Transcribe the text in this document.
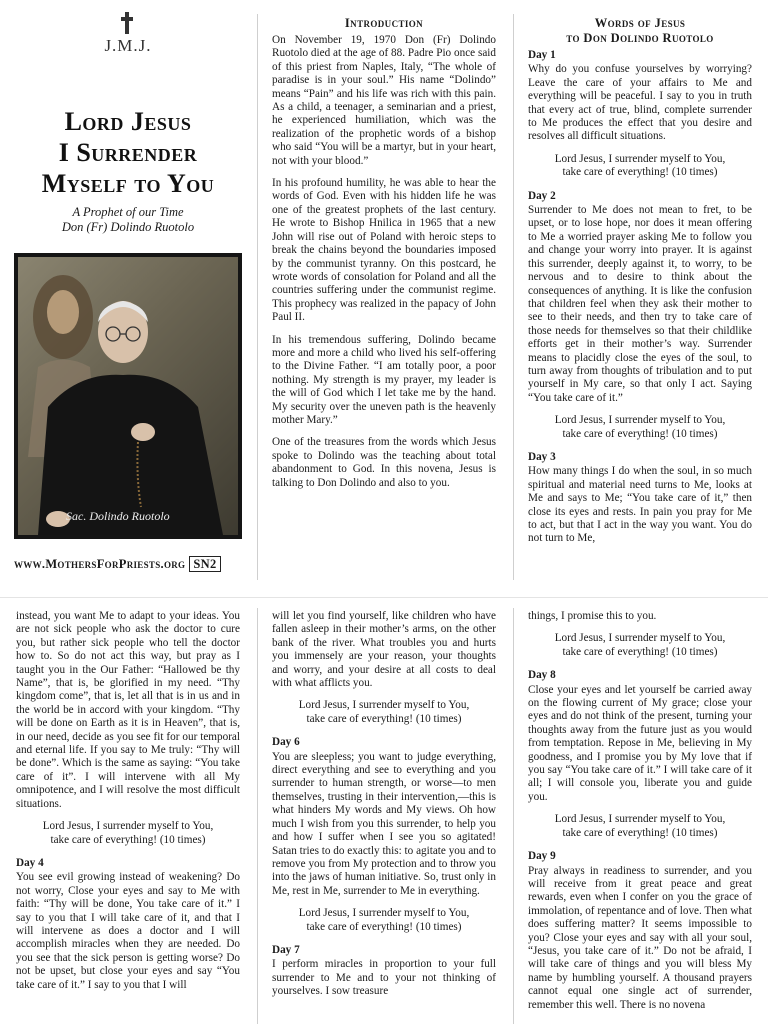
J.M.J.
Lord Jesus
I Surrender
Myself to You
A Prophet of our Time
Don (Fr) Dolindo Ruotolo
Sac. Dolindo Ruotolo
www.MothersForPriests.org SN2

Introduction

On November 19, 1970 Don (Fr) Dolindo Ruotolo died at the age of 88. Padre Pio once said of this priest from Naples, Italy, “The whole of paradise is in your soul.” His name “Dolindo” means “Pain” and his life was rich with this pain. As a child, a teenager, a seminarian and a priest, he experienced humiliation, which was the realization of the prophetic words of a bishop who said “You will be a martyr, but in your heart, not with your blood.”

In his profound humility, he was able to hear the words of God. Even with his hidden life he was one of the greatest prophets of the last century. He wrote to Bishop Hnilica in 1965 that a new John will rise out of Poland with heroic steps to break the chains beyond the boundaries imposed by the communist tyranny. On this postcard, he wrote words of consolation for Poland and all the countries suffering under the communist regime. This prophecy was realized in the papacy of John Paul II.

In his tremendous suffering, Dolindo became more and more a child who lived his self-offering to the Divine Father. “I am totally poor, a poor nothing. My strength is my prayer, my leader is the will of God which I let take me by the hand. My security over the uneven path is the heavenly mother Mary.”

One of the treasures from the words which Jesus spoke to Dolindo was the teaching about total abandonment to God. In this novena, Jesus is talking to Don Dolindo and also to you.

Words of Jesus

to Don Dolindo Ruotolo

Day 1

Why do you confuse yourselves by worrying? Leave the care of your affairs to Me and everything will be peaceful. I say to you in truth that every act of true, blind, complete surrender to Me produces the effect that you desire and resolves all difficult situations.

Lord Jesus, I surrender myself to You,
take care of everything! (10 times)

Day 2

Surrender to Me does not mean to fret, to be upset, or to lose hope, nor does it mean offering to Me a worried prayer asking Me to follow you and change your worry into prayer. It is against this surrender, deeply against it, to worry, to be nervous and to desire to think about the consequences of anything. It is like the confusion that children feel when they ask their mother to see to their needs, and then try to take care of those needs for themselves so that their childlike efforts get in their mother’s way. Surrender means to placidly close the eyes of the soul, to turn away from thoughts of tribulation and to put yourself in My care, so that only I act. Saying “You take care of it.”

Lord Jesus, I surrender myself to You,
take care of everything! (10 times)

Day 3

How many things I do when the soul, in so much spiritual and material need turns to Me, looks at Me and says to Me; “You take care of it,” then close its eyes and rests. In pain you pray for Me to act, but that I act in the way you want. You do not turn to Me,

instead, you want Me to adapt to your ideas. You are not sick people who ask the doctor to cure you, but rather sick people who tell the doctor how to. So do not act this way, but pray as I taught you in the Our Father: “Hallowed be thy Name”, that is, be glorified in my need. “Thy kingdom come”, that is, let all that is in us and in the world be in accord with your kingdom. “Thy will be done on Earth as it is in Heaven”, that is, in our need, decide as you see fit for our temporal and eternal life. If you say to Me truly: “Thy will be done”. Which is the same as saying: “You take care of it”. I will intervene with all My omnipotence, and I will resolve the most difficult situations.

Lord Jesus, I surrender myself to You,
take care of everything! (10 times)

Day 4

You see evil growing instead of weakening? Do not worry, Close your eyes and say to Me with faith: “Thy will be done, You take care of it.” I say to you that I will take care of it, and that I will intervene as does a doctor and I will accomplish miracles when they are needed. Do you see that the sick person is getting worse? Do not be upset, but close your eyes and say “You take care of it.” I say to you that I will

will let you find yourself, like children who have fallen asleep in their mother’s arms, on the other bank of the river. What troubles you and hurts you immensely are your reason, your thoughts and worry, and your desire at all costs to deal with what afflicts you.

Lord Jesus, I surrender myself to You,
take care of everything! (10 times)

Day 6

You are sleepless; you want to judge everything, direct everything and see to everything and you surrender to human strength, or worse—to men themselves, trusting in their intervention,—this is what hinders My words and My views. Oh how much I wish from you this surrender, to help you and how I suffer when I see you so agitated! Satan tries to do exactly this: to agitate you and to remove you from My protection and to throw you into the jaws of human initiative. So, trust only in Me, rest in Me, surrender to Me in everything.

Lord Jesus, I surrender myself to You,
take care of everything! (10 times)

Day 7

I perform miracles in proportion to your full surrender to Me and to your not thinking of yourselves. I sow treasure

things, I promise this to you.

Lord Jesus, I surrender myself to You,
take care of everything! (10 times)

Day 8

Close your eyes and let yourself be carried away on the flowing current of My grace; close your eyes and do not think of the present, turning your thoughts away from the future just as you would from temptation. Repose in Me, believing in My goodness, and I promise you by My love that if you say “You take care of it.” I will take care of it all; I will console you, liberate you and guide you.

Lord Jesus, I surrender myself to You,
take care of everything! (10 times)

Day 9

Pray always in readiness to surrender, and you will receive from it great peace and great rewards, even when I confer on you the grace of immolation, of repentance and of love. Then what does suffering matter? It seems impossible to you? Close your eyes and say with all your soul, “Jesus, you take care of it.” Do not be afraid, I will take care of things and you will bless My name by humbling yourself. A thousand prayers cannot equal one single act of surrender, remember this well. There is no novena
